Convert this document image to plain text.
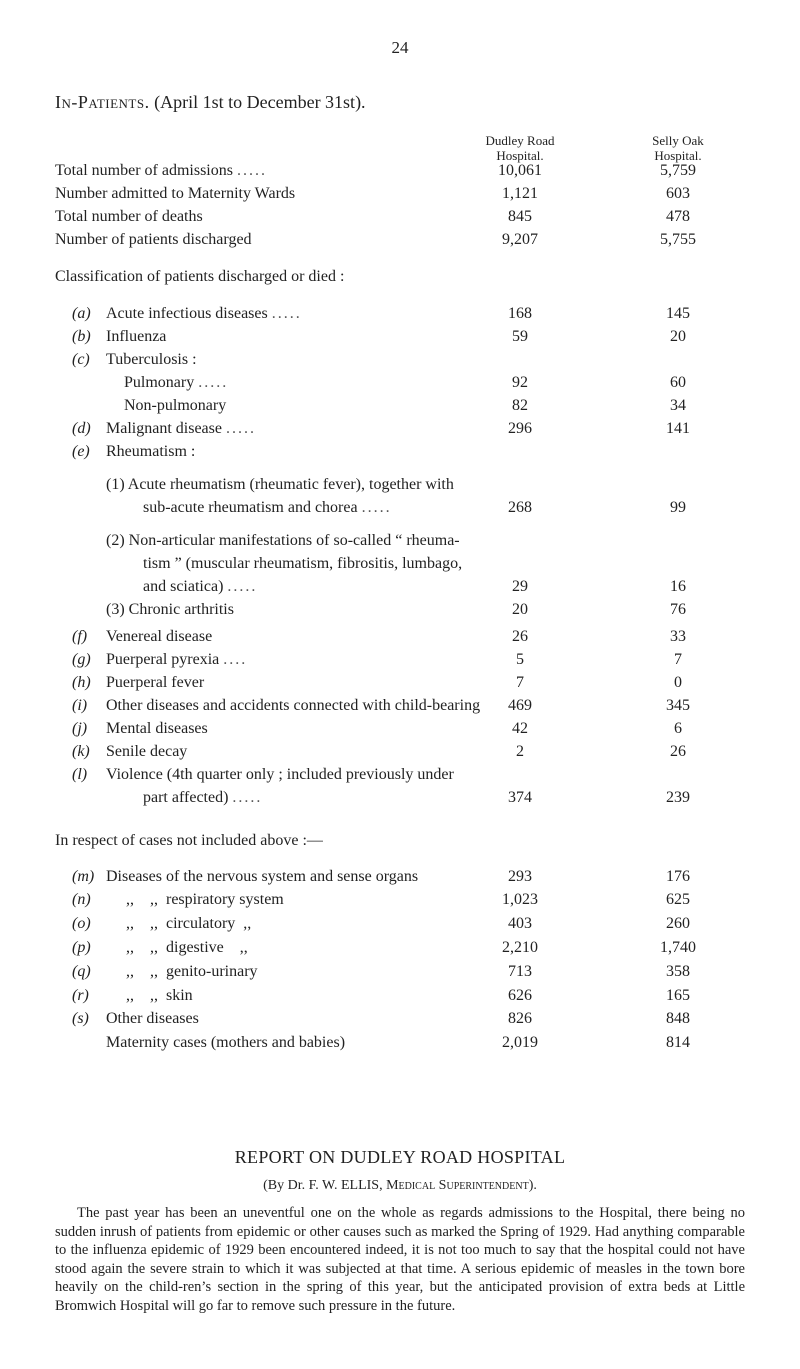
24
In-Patients. (April 1st to December 31st).
Dudley Road
Hospital.
Selly Oak
Hospital.
Total number of admissions .....	10,061	5,759
Number admitted to Maternity Wards	1,121	603
Total number of deaths	845	478
Number of patients discharged	9,207	5,755
Classification of patients discharged or died :
(a) Acute infectious diseases .....	168	145
(b) Influenza	59	20
(c) Tuberculosis :
Pulmonary .....	92	60
Non-pulmonary	82	34
(d) Malignant disease .....	296	141
(e) Rheumatism :
(1) Acute rheumatism (rheumatic fever), together with
sub-acute rheumatism and chorea .....	268	99
(2) Non-articular manifestations of so-called “ rheuma-
tism ” (muscular rheumatism, fibrositis, lumbago,
and sciatica) .....	29	16
(3) Chronic arthritis	20	76
(f) Venereal disease	26	33
(g) Puerperal pyrexia ....	5	7
(h) Puerperal fever	7	0
(i) Other diseases and accidents connected with child-bearing	469	345
(j) Mental diseases	42	6
(k) Senile decay	2	26
(l) Violence (4th quarter only ; included previously under
part affected) .....	374	239
In respect of cases not included above :—
(m) Diseases of the nervous system and sense organs	293	176
(n) ,,    ,,  respiratory system	1,023	625
(o) ,,    ,,  circulatory  ,,	403	260
(p) ,,    ,,  digestive    ,,	2,210	1,740
(q) ,,    ,,  genito-urinary	713	358
(r) ,,    ,,  skin	626	165
(s) Other diseases	826	848
Maternity cases (mothers and babies)	2,019	814
REPORT ON DUDLEY ROAD HOSPITAL
(By Dr. F. W. ELLIS, Medical Superintendent).
The past year has been an uneventful one on the whole as regards admissions to the Hospital, there being no sudden inrush of patients from epidemic or other causes such as marked the Spring of 1929. Had anything comparable to the influenza epidemic of 1929 been encountered indeed, it is not too much to say that the hospital could not have stood again the severe strain to which it was subjected at that time. A serious epidemic of measles in the town bore heavily on the child-ren’s section in the spring of this year, but the anticipated provision of extra beds at Little Bromwich Hospital will go far to remove such pressure in the future.
